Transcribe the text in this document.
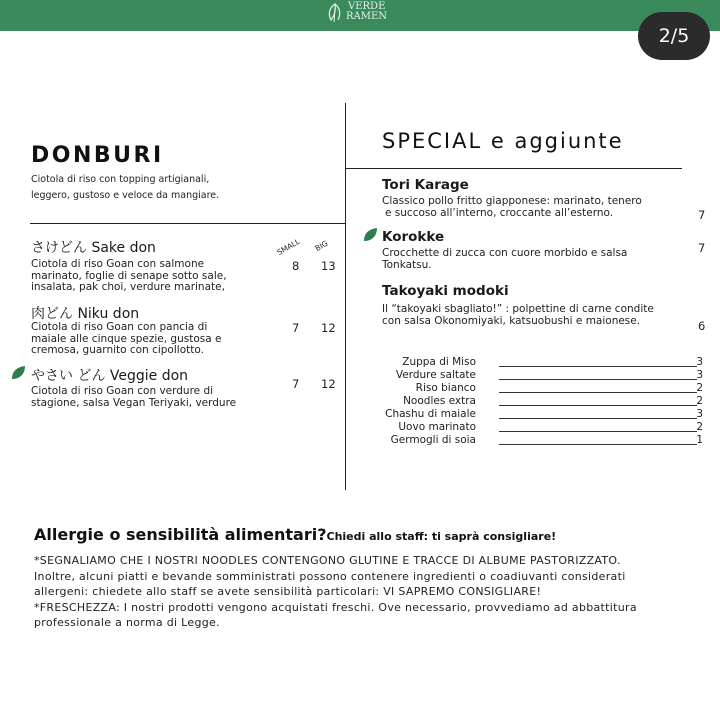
VERDE
RAMEN
2/5
DONBURI
Ciotola di riso con topping artigianali,
leggero, gustoso e veloce da mangiare.
SMALL BIG
さけどん Sake don
Ciotola di riso Goan con salmone
marinato, foglie di senape sotto sale,
insalata, pak choi, verdure marinate,
8 13
肉どん Niku don
Ciotola di riso Goan con pancia di
maiale alle cinque spezie, gustosa e
cremosa, guarnito con cipollotto.
7 12
やさい どん Veggie don
Ciotola di riso Goan con verdure di
stagione, salsa Vegan Teriyaki, verdure
7 12
SPECIAL e aggiunte
Tori Karage
Classico pollo fritto giapponese: marinato, tenero
e succoso all’interno, croccante all’esterno.	7
Korokke
Crocchette di zucca con cuore morbido e salsa
Tonkatsu.
7
Takoyaki modoki
Il “takoyaki sbagliato!” : polpettine di carne condite
con salsa Okonomiyaki, katsuobushi e maionese.	6
Zuppa di Miso	3
Verdure saltate	3
Riso bianco	2
Noodles extra	2
Chashu di maiale	3
Uovo marinato	2
Germogli di soia	1
Allergie o sensibilità alimentari?Chiedi allo staff: ti saprà consigliare!
*SEGNALIAMO CHE I NOSTRI NOODLES CONTENGONO GLUTINE E TRACCE DI ALBUME PASTORIZZATO.
Inoltre, alcuni piatti e bevande somministrati possono contenere ingredienti o coadiuvanti considerati
allergeni: chiedete allo staff se avete sensibilità particolari: VI SAPREMO CONSIGLIARE!
*FRESCHEZZA: I nostri prodotti vengono acquistati freschi. Ove necessario, provvediamo ad abbattitura
professionale a norma di Legge.
